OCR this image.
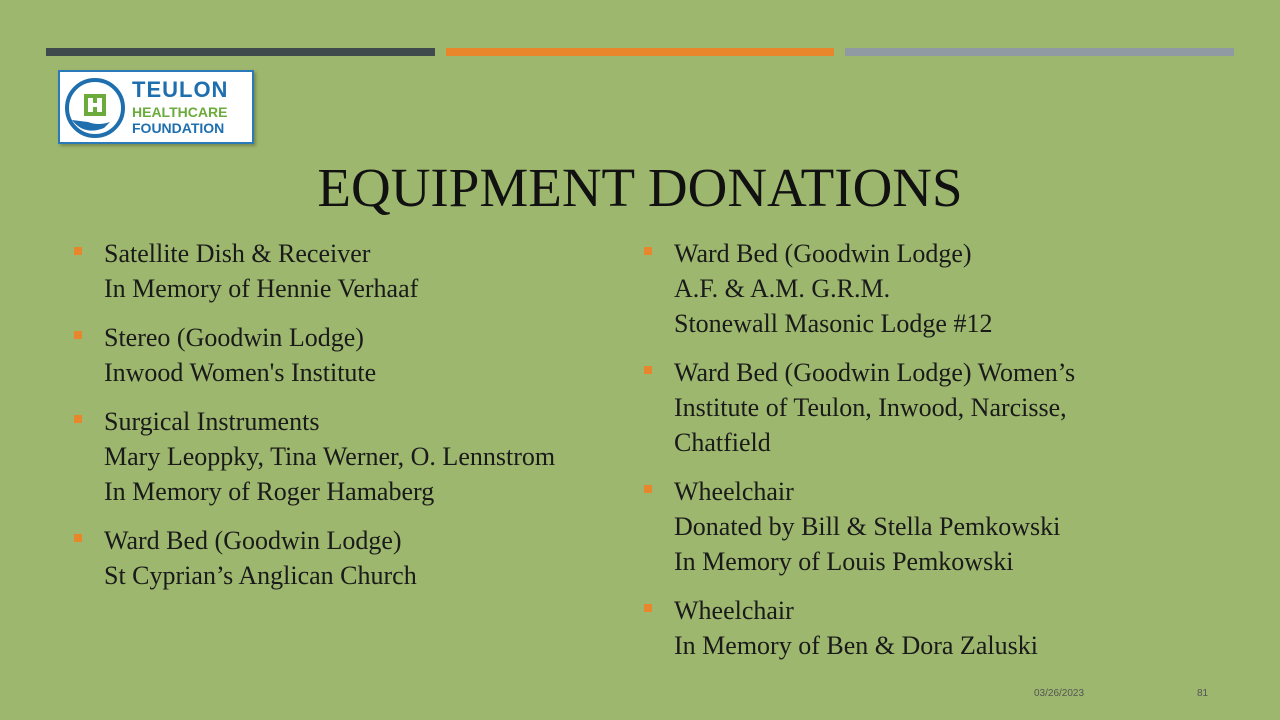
TEULON
HEALTHCARE
FOUNDATION
EQUIPMENT DONATIONS
Satellite Dish & Receiver
In Memory of Hennie Verhaaf
Stereo (Goodwin Lodge)
Inwood Women's Institute
Surgical Instruments
Mary Leoppky, Tina Werner, O. Lennstrom
In Memory of Roger Hamaberg
Ward Bed (Goodwin Lodge)
St Cyprian’s Anglican Church
Ward Bed (Goodwin Lodge)
A.F. & A.M. G.R.M.
Stonewall Masonic Lodge #12
Ward Bed (Goodwin Lodge) Women’s
Institute of Teulon, Inwood, Narcisse,
Chatfield
Wheelchair
Donated by Bill & Stella Pemkowski
In Memory of Louis Pemkowski
Wheelchair
In Memory of Ben & Dora Zaluski
03/26/2023	81
